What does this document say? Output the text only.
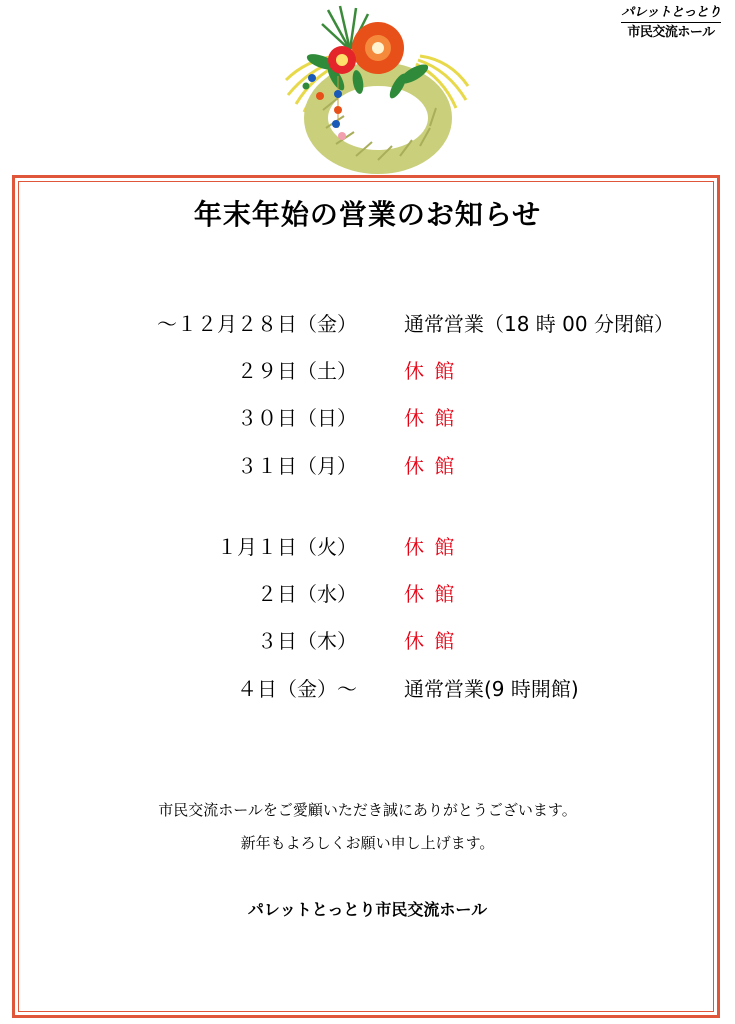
パレットとっとり
市民交流ホール
年末年始の営業のお知らせ
～１２月２８日（金） 通常営業（18 時 00 分閉館）
２９日（土） 休 館
３０日（日） 休 館
３１日（月） 休 館
１月１日（火） 休 館
２日（水） 休 館
３日（木） 休 館
４日（金）～ 通常営業(9 時開館)
市民交流ホールをご愛顧いただき誠にありがとうございます。
新年もよろしくお願い申し上げます。
パレットとっとり市民交流ホール
